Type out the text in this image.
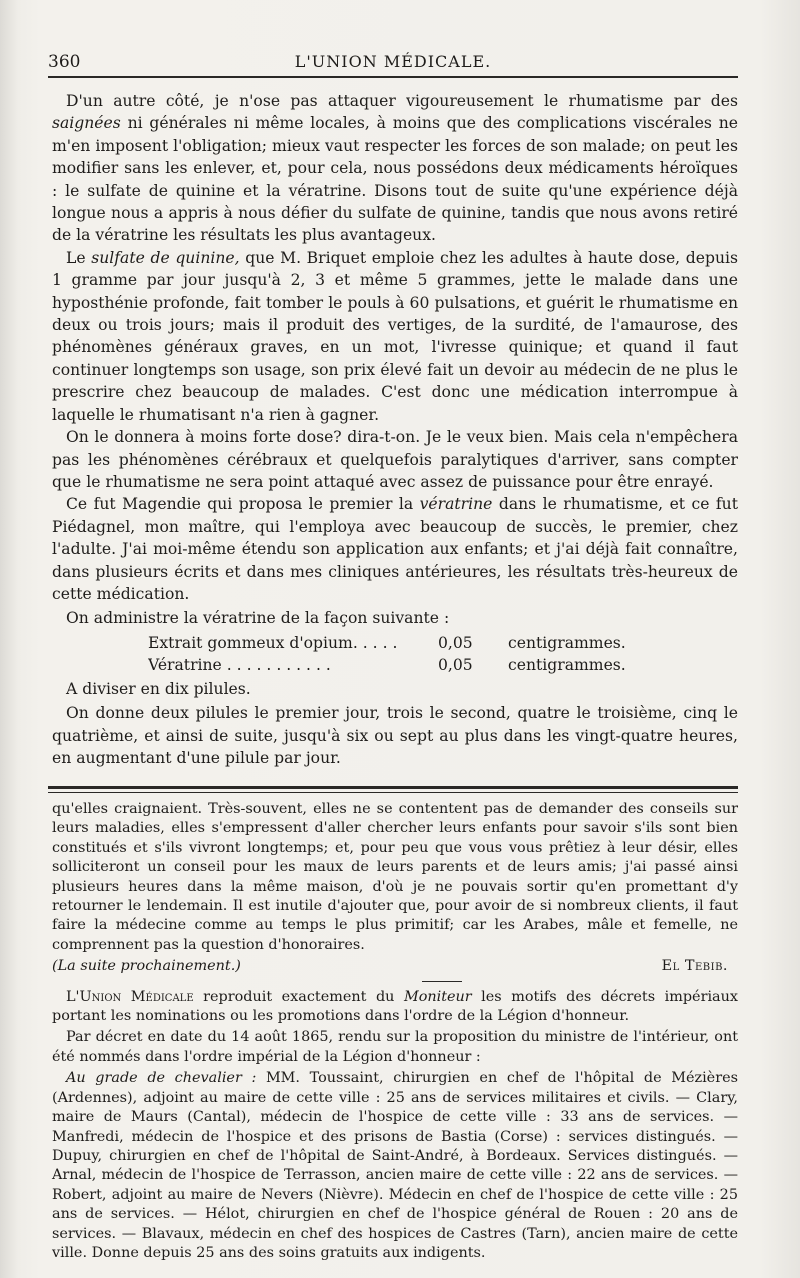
360	L'UNION MÉDICALE.

D'un autre côté, je n'ose pas attaquer vigoureusement le rhumatisme par des saignées ni générales ni même locales, à moins que des complications viscérales ne m'en imposent l'obligation; mieux vaut respecter les forces de son malade; on peut les modifier sans les enlever, et, pour cela, nous possédons deux médicaments héroïques : le sulfate de quinine et la vératrine. Disons tout de suite qu'une expérience déjà longue nous a appris à nous défier du sulfate de quinine, tandis que nous avons retiré de la vératrine les résultats les plus avantageux.

Le sulfate de quinine, que M. Briquet emploie chez les adultes à haute dose, depuis 1 gramme par jour jusqu'à 2, 3 et même 5 grammes, jette le malade dans une hyposthénie profonde, fait tomber le pouls à 60 pulsations, et guérit le rhumatisme en deux ou trois jours; mais il produit des vertiges, de la surdité, de l'amaurose, des phénomènes généraux graves, en un mot, l'ivresse quinique; et quand il faut continuer longtemps son usage, son prix élevé fait un devoir au médecin de ne plus le prescrire chez beaucoup de malades. C'est donc une médication interrompue à laquelle le rhumatisant n'a rien à gagner.

On le donnera à moins forte dose? dira-t-on. Je le veux bien. Mais cela n'empêchera pas les phénomènes cérébraux et quelquefois paralytiques d'arriver, sans compter que le rhumatisme ne sera point attaqué avec assez de puissance pour être enrayé.

Ce fut Magendie qui proposa le premier la vératrine dans le rhumatisme, et ce fut Piédagnel, mon maître, qui l'employa avec beaucoup de succès, le premier, chez l'adulte. J'ai moi-même étendu son application aux enfants; et j'ai déjà fait connaître, dans plusieurs écrits et dans mes cliniques antérieures, les résultats très-heureux de cette médication.

On administre la vératrine de la façon suivante :

Extrait gommeux d'opium. . . . .	0,05	centigrammes.
Vératrine . . . . . . . . . . .	0,05	centigrammes.

A diviser en dix pilules.

On donne deux pilules le premier jour, trois le second, quatre le troisième, cinq le quatrième, et ainsi de suite, jusqu'à six ou sept au plus dans les vingt-quatre heures, en augmentant d'une pilule par jour.

qu'elles craignaient. Très-souvent, elles ne se contentent pas de demander des conseils sur leurs maladies, elles s'empressent d'aller chercher leurs enfants pour savoir s'ils sont bien constitués et s'ils vivront longtemps; et, pour peu que vous vous prêtiez à leur désir, elles solliciteront un conseil pour les maux de leurs parents et de leurs amis; j'ai passé ainsi plusieurs heures dans la même maison, d'où je ne pouvais sortir qu'en promettant d'y retourner le lendemain. Il est inutile d'ajouter que, pour avoir de si nombreux clients, il faut faire la médecine comme au temps le plus primitif; car les Arabes, mâle et femelle, ne comprennent pas la question d'honoraires.

(La suite prochainement.)	El Tebib.

L'Union Médicale reproduit exactement du Moniteur les motifs des décrets impériaux portant les nominations ou les promotions dans l'ordre de la Légion d'honneur.

Par décret en date du 14 août 1865, rendu sur la proposition du ministre de l'intérieur, ont été nommés dans l'ordre impérial de la Légion d'honneur :

Au grade de chevalier : MM. Toussaint, chirurgien en chef de l'hôpital de Mézières (Ardennes), adjoint au maire de cette ville : 25 ans de services militaires et civils. — Clary, maire de Maurs (Cantal), médecin de l'hospice de cette ville : 33 ans de services. — Manfredi, médecin de l'hospice et des prisons de Bastia (Corse) : services distingués. — Dupuy, chirurgien en chef de l'hôpital de Saint-André, à Bordeaux. Services distingués. — Arnal, médecin de l'hospice de Terrasson, ancien maire de cette ville : 22 ans de services. — Robert, adjoint au maire de Nevers (Nièvre). Médecin en chef de l'hospice de cette ville : 25 ans de services. — Hélot, chirurgien en chef de l'hospice général de Rouen : 20 ans de services. — Blavaux, médecin en chef des hospices de Castres (Tarn), ancien maire de cette ville. Donne depuis 25 ans des soins gratuits aux indigents.
